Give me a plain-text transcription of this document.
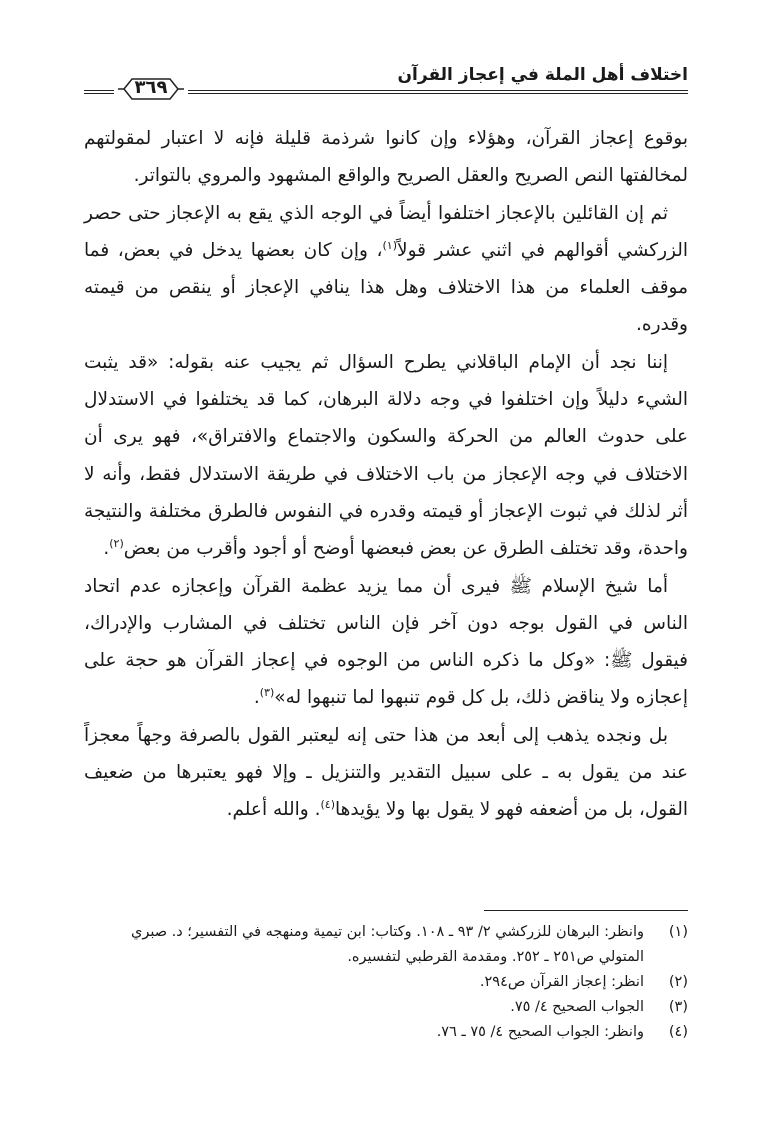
اختلاف أهل الملة في إعجاز القرآن
٣٦٩

بوقوع إعجاز القرآن، وهؤلاء وإن كانوا شرذمة قليلة فإنه لا اعتبار لمقولتهم لمخالفتها النص الصريح والعقل الصريح والواقع المشهود والمروي بالتواتر.

ثم إن القائلين بالإعجاز اختلفوا أيضاً في الوجه الذي يقع به الإعجاز حتى حصر الزركشي أقوالهم في اثني عشر قولاً$^{(١)}$، وإن كان بعضها يدخل في بعض، فما موقف العلماء من هذا الاختلاف وهل هذا ينافي الإعجاز أو ينقص من قيمته وقدره.

إننا نجد أن الإمام الباقلاني يطرح السؤال ثم يجيب عنه بقوله: «قد يثبت الشيء دليلاً وإن اختلفوا في وجه دلالة البرهان، كما قد يختلفوا في الاستدلال على حدوث العالم من الحركة والسكون والاجتماع والافتراق»، فهو يرى أن الاختلاف في وجه الإعجاز من باب الاختلاف في طريقة الاستدلال فقط، وأنه لا أثر لذلك في ثبوت الإعجاز أو قيمته وقدره في النفوس فالطرق مختلفة والنتيجة واحدة، وقد تختلف الطرق عن بعض فبعضها أوضح أو أجود وأقرب من بعض$^{(٢)}$.

أما شيخ الإسلام ﷺ فيرى أن مما يزيد عظمة القرآن وإعجازه عدم اتحاد الناس في القول بوجه دون آخر فإن الناس تختلف في المشارب والإدراك، فيقول ﷺ: «وكل ما ذكره الناس من الوجوه في إعجاز القرآن هو حجة على إعجازه ولا يناقض ذلك، بل كل قوم تنبهوا لما تنبهوا له»$^{(٣)}$.

بل ونجده يذهب إلى أبعد من هذا حتى إنه ليعتبر القول بالصرفة وجهاً معجزاً عند من يقول به ـ على سبيل التقدير والتنزيل ـ وإلا فهو يعتبرها من ضعيف القول، بل من أضعفه فهو لا يقول بها ولا يؤيدها$^{(٤)}$. والله أعلم.

(١)
وانظر: البرهان للزركشي ٢/ ٩٣ ـ ١٠٨. وكتاب: ابن تيمية ومنهجه في التفسير؛ د. صبري المتولي ص٢٥١ ـ ٢٥٢. ومقدمة القرطبي لتفسيره.
(٢)
انظر: إعجاز القرآن ص٢٩٤.
(٣)
الجواب الصحيح ٤/ ٧٥.
(٤)
وانظر: الجواب الصحيح ٤/ ٧٥ ـ ٧٦.
